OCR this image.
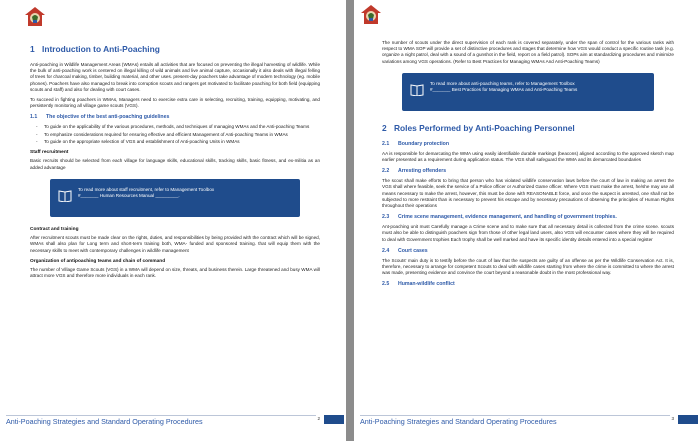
1 Introduction to Anti-Poaching

Anti-poaching in Wildlife Management Areas (WMAs) entails all activities that are focused on preventing the illegal harvesting of wildlife. While the bulk of anti-poaching work is centered on illegal killing of wild animals and live animal capture, occasionally it also deals with illegal felling of trees for charcoal making, timber, building material, and other uses. present-day poachers take advantage of modern technology (eg. mobile phones). Poachers have also managed to break into corruption scouts and rangers get motivated to facilitate poaching for both field (equipping scouts and staff) and also for dealing with court cases.

To succeed in fighting poachers in WMAs, Managers need to exercise extra care in selecting, recruiting, training, equipping, motivating, and persistently monitoring all village game scouts (VGS).

1.1 The objective of the best anti-poaching guidelines
- To guide on the applicability of the various procedures, methods, and techniques of managing WMAs and the Anti-poaching Teams
- To emphasize considerations required for ensuring effective and efficient Management of Anti-poaching Teams in WMAs
- To guide on the appropriate selection of VGS and establishment of Anti-poaching Units in WMAs
Staff recruitment

Basic recruits should be selected from each village for language skills, educational skills, tracking skills, basic fitness, and ex-militia as an added advantage

To read more about staff recruitment, refer to Management Toolbox
#_______ Human Resources Manual _________.
Contract and training

After recruitment scouts must be made clear on the rights, duties, and responsibilities by being provided with the contract which will be signed, WMAs shall also plan for Long term and short-term training both, WMA- funded and sponsored training. that will equip them with the necessary skills to meet with contemporary challenges in wildlife management

Organization of antipoaching teams and chain of command

The number of Village Game Scouts (VGS) in a WMA will depend on size, threats, and business therein. Large threatened and busy WMA will attract more VGS and therefore more individuals in each rank.

Anti-Poaching Strategies and Standard Operating Procedures	2

The number of scouts under the direct supervision of each rank is covered separately, under the span of control for the various ranks with respect to WMA SOP will provide a set of distinctive procedures and stages that determine how VGS would conduct a specific routine task (e.g. organize a night patrol, deal with a sound of a gunshot in the field, report on a field patrol). SOPs aim at standardizing procedures and minimize variations among VGS operations. (Refer to Best Practices for Managing WMAs And Anti-Poaching Teams)

To read more about anti-poaching teams, refer to Management Toolbox
#_______ Best Practices for Managing WMAs and Anti-Poaching Teams
2 Roles Performed by Anti-Poaching Personnel
2.1 Boundary protection

AA is responsible for demarcating the WMA using easily identifiable durable markings (beacons) aligned according to the approved sketch map earlier presented as a requirement during application status. The VGS shall safeguard the WMA and its demarcated boundaries

2.2 Arresting offenders

The scout shall make efforts to bring that person who has violated wildlife conservation laws before the court of law in making an arrest the VGS shall where feasible, seek the service of a Police officer or Authorized Game officer. Where VGS must make the arrest, he/she may use all means necessary to make the arrest, however, this must be done with REASONABLE force, and once the suspect is arrested, one shall not be subjected to more restraint than is necessary to prevent his escape and by necessary precautions of observing the principles of Human Rights throughout their operations

2.3 Crime scene management, evidence management, and handling of government trophies.

Ant-poaching unit must Carefully manage a Crime scene and to make sure that all necessary detail is collected from the crime scene. scouts must also be able to distinguish poachers sign from those of other legal land users, also VGS will encounter cases where they will be required to deal with Government trophies Each trophy shall be well marked and have its specific identity details entered into a special register

2.4 Court cases

The Scouts' main duty is to testify before the court of law that the suspects are guilty of an offense as per the Wildlife Conservation Act. It is, therefore, necessary to arrange for competent Scouts to deal with wildlife cases starting from where the crime is committed to where the arrest was made, presenting evidence and convince the court beyond a reasonable doubt in the most professional way.

2.5 Human-wildlife conflict
Anti-Poaching Strategies and Standard Operating Procedures	3
